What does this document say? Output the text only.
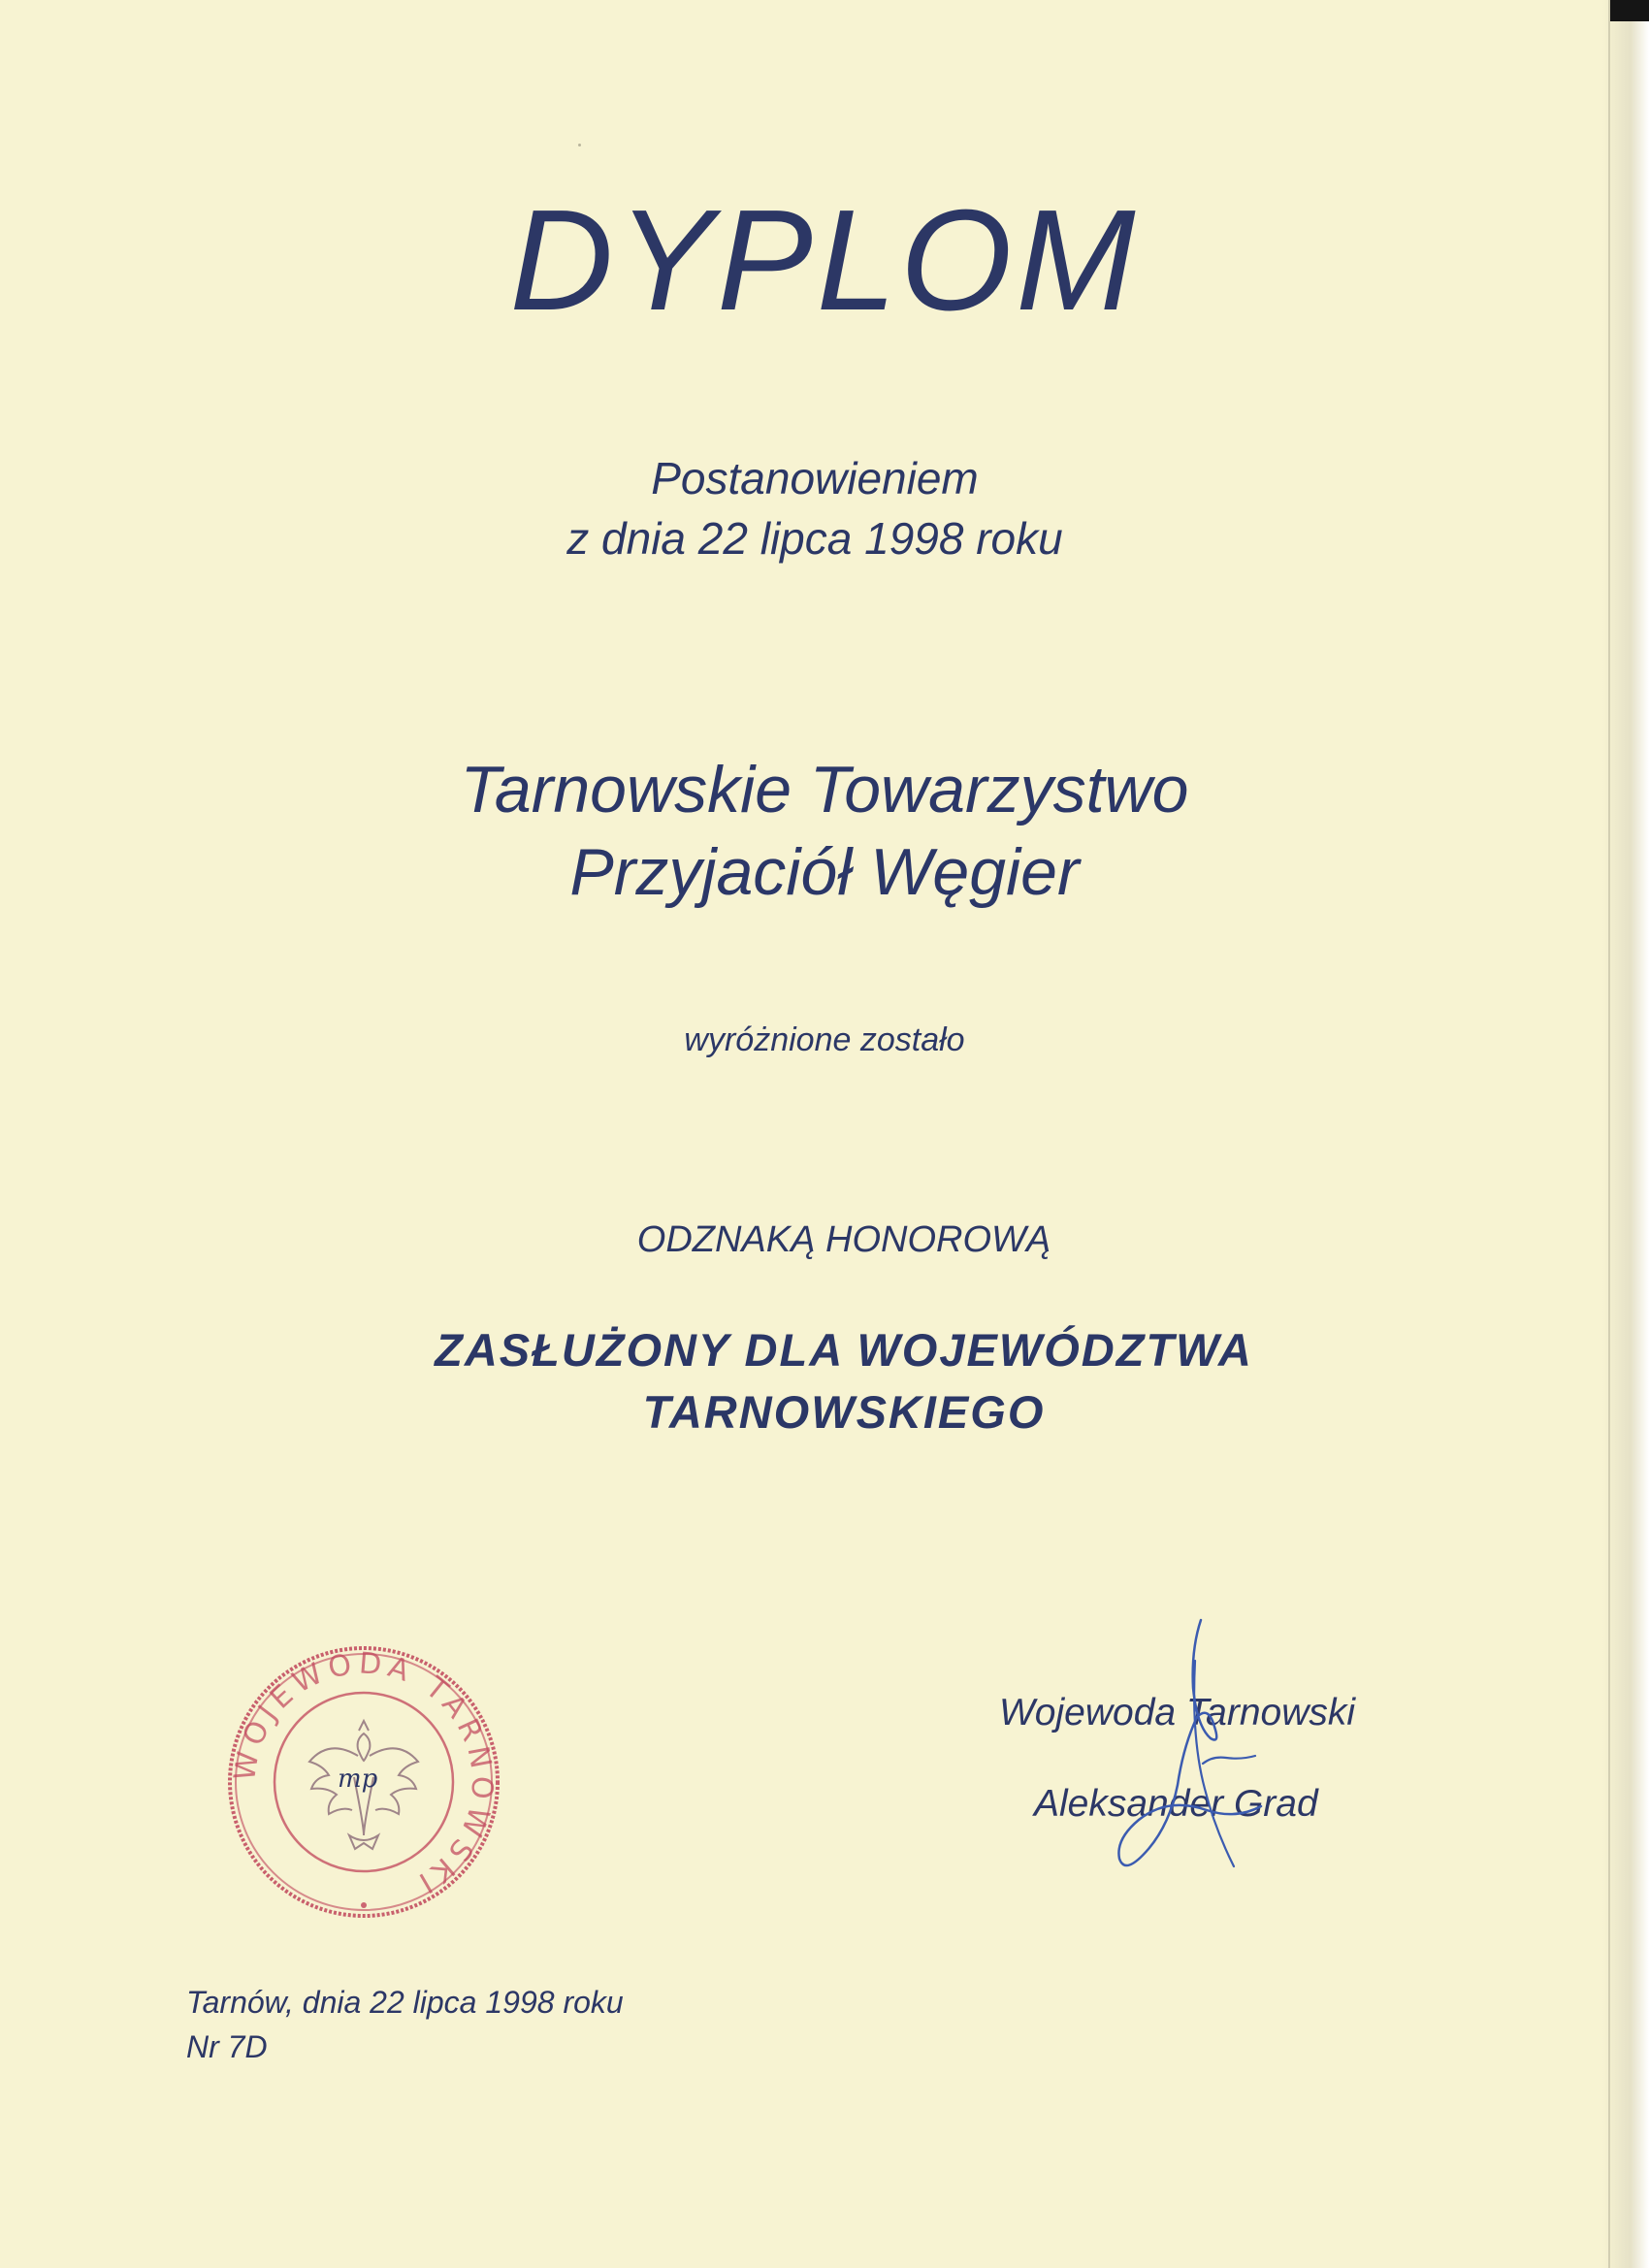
DYPLOM
Postanowieniem
z dnia 22 lipca 1998 roku
Tarnowskie Towarzystwo
Przyjaciół Węgier
wyróżnione zostało
ODZNAKĄ HONOROWĄ
ZASŁUŻONY DLA WOJEWÓDZTWA
TARNOWSKIEGO
WOJEWODA TARNOWSKI
mp
Wojewoda Tarnowski
Aleksander Grad
Tarnów, dnia 22 lipca 1998 roku
Nr 7D
